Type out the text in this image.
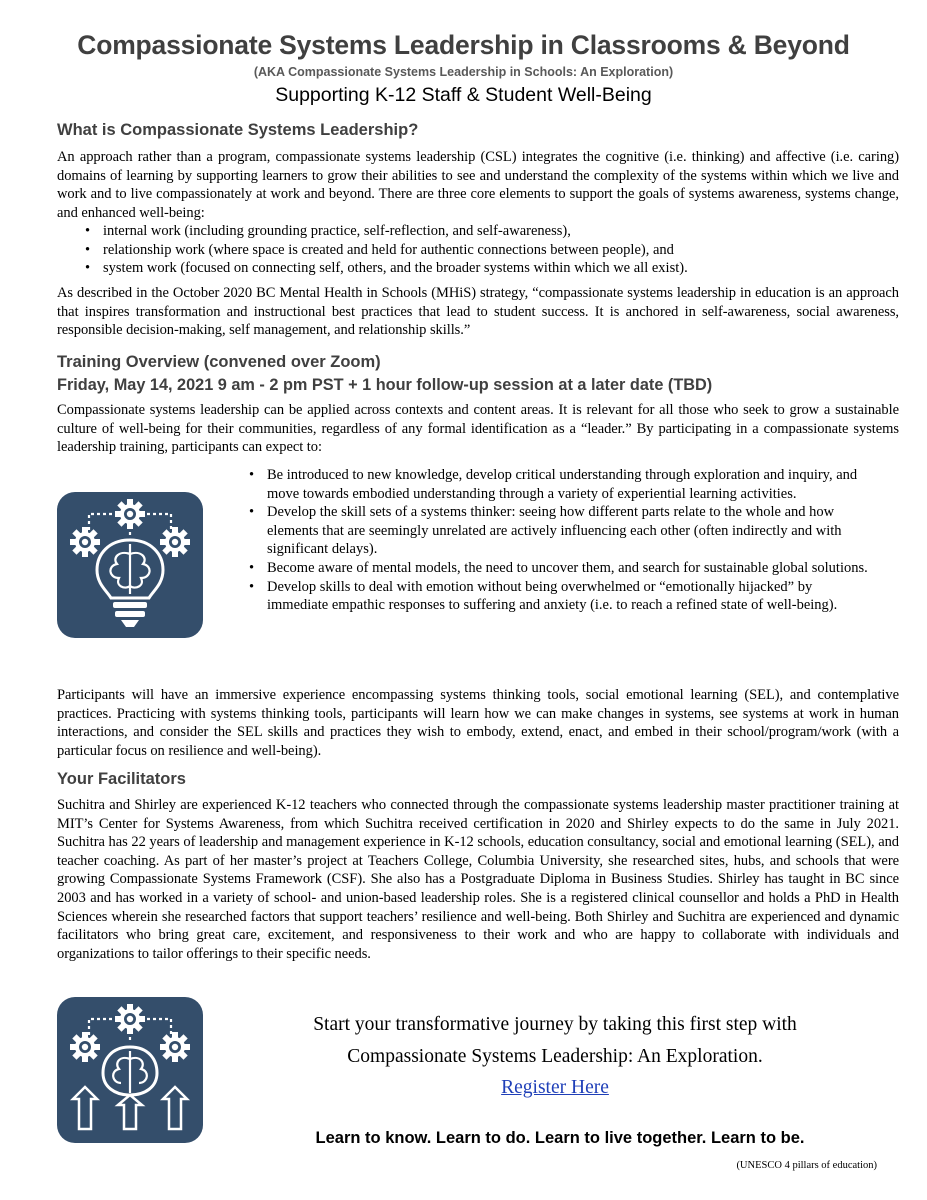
Compassionate Systems Leadership in Classrooms & Beyond
(AKA Compassionate Systems Leadership in Schools: An Exploration)
Supporting K-12 Staff & Student Well-Being
What is Compassionate Systems Leadership?
An approach rather than a program, compassionate systems leadership (CSL) integrates the cognitive (i.e. thinking) and affective (i.e. caring) domains of learning by supporting learners to grow their abilities to see and understand the complexity of the systems within which we live and work and to live compassionately at work and beyond. There are three core elements to support the goals of systems awareness, systems change, and enhanced well-being:
• internal work (including grounding practice, self-reflection, and self-awareness),
• relationship work (where space is created and held for authentic connections between people), and
• system work (focused on connecting self, others, and the broader systems within which we all exist).
As described in the October 2020 BC Mental Health in Schools (MHiS) strategy, “compassionate systems leadership in education is an approach that inspires transformation and instructional best practices that lead to student success. It is anchored in self-awareness, social awareness, responsible decision-making, self management, and relationship skills.”
Training Overview (convened over Zoom)
Friday, May 14, 2021 9 am - 2 pm PST + 1 hour follow-up session at a later date (TBD)
Compassionate systems leadership can be applied across contexts and content areas. It is relevant for all those who seek to grow a sustainable culture of well-being for their communities, regardless of any formal identification as a “leader.” By participating in a compassionate systems leadership training, participants can expect to:
• Be introduced to new knowledge, develop critical understanding through exploration and inquiry, and move towards embodied understanding through a variety of experiential learning activities.
• Develop the skill sets of a systems thinker: seeing how different parts relate to the whole and how elements that are seemingly unrelated are actively influencing each other (often indirectly and with significant delays).
• Become aware of mental models, the need to uncover them, and search for sustainable global solutions.
• Develop skills to deal with emotion without being overwhelmed or “emotionally hijacked” by immediate empathic responses to suffering and anxiety (i.e. to reach a refined state of well-being).
Participants will have an immersive experience encompassing systems thinking tools, social emotional learning (SEL), and contemplative practices. Practicing with systems thinking tools, participants will learn how we can make changes in systems, see systems at work in human interactions, and consider the SEL skills and practices they wish to embody, extend, enact, and embed in their school/program/work (with a particular focus on resilience and well-being).
Your Facilitators
Suchitra and Shirley are experienced K-12 teachers who connected through the compassionate systems leadership master practitioner training at MIT’s Center for Systems Awareness, from which Suchitra received certification in 2020 and Shirley expects to do the same in July 2021. Suchitra has 22 years of leadership and management experience in K-12 schools, education consultancy, social and emotional learning (SEL), and teacher coaching. As part of her master’s project at Teachers College, Columbia University, she researched sites, hubs, and schools that were growing Compassionate Systems Framework (CSF). She also has a Postgraduate Diploma in Business Studies. Shirley has taught in BC since 2003 and has worked in a variety of school- and union-based leadership roles. She is a registered clinical counsellor and holds a PhD in Health Sciences wherein she researched factors that support teachers’ resilience and well-being. Both Shirley and Suchitra are experienced and dynamic facilitators who bring great care, excitement, and responsiveness to their work and who are happy to collaborate with individuals and organizations to tailor offerings to their specific needs.
Start your transformative journey by taking this first step with
Compassionate Systems Leadership: An Exploration.
Register Here
Learn to know. Learn to do. Learn to live together. Learn to be.
(UNESCO 4 pillars of education)
